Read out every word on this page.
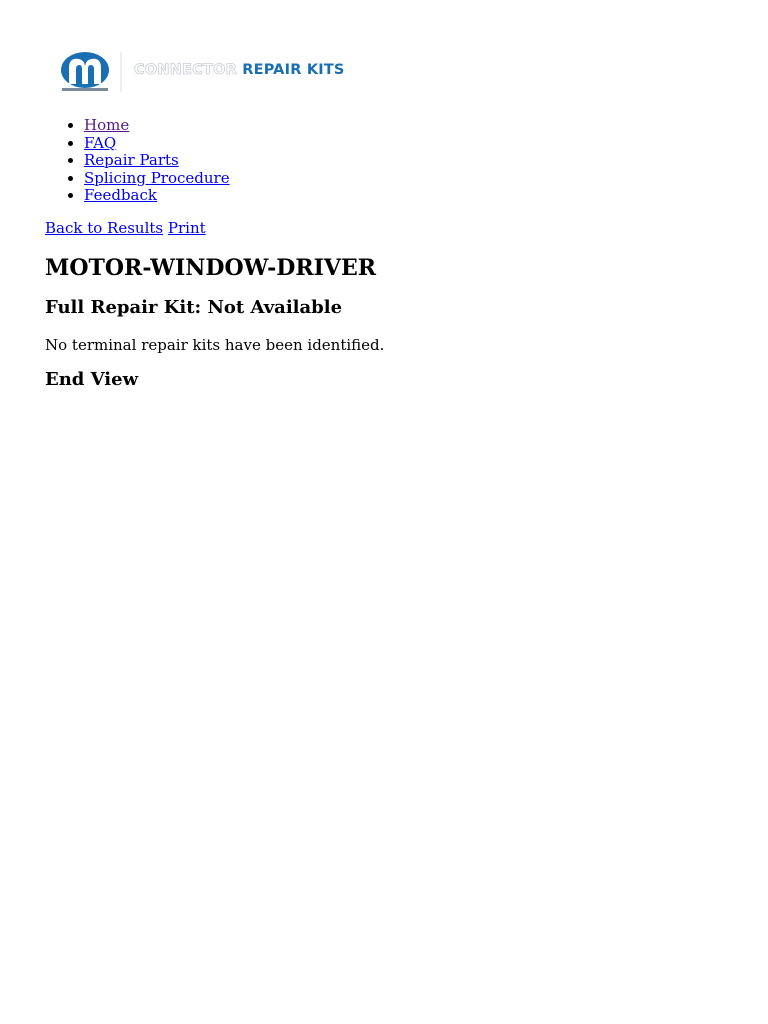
CONNECTOR REPAIR KITS
• Home
• FAQ
• Repair Parts
• Splicing Procedure
• Feedback
Back to Results Print
MOTOR-WINDOW-DRIVER
Full Repair Kit: Not Available

No terminal repair kits have been identified.

End View
